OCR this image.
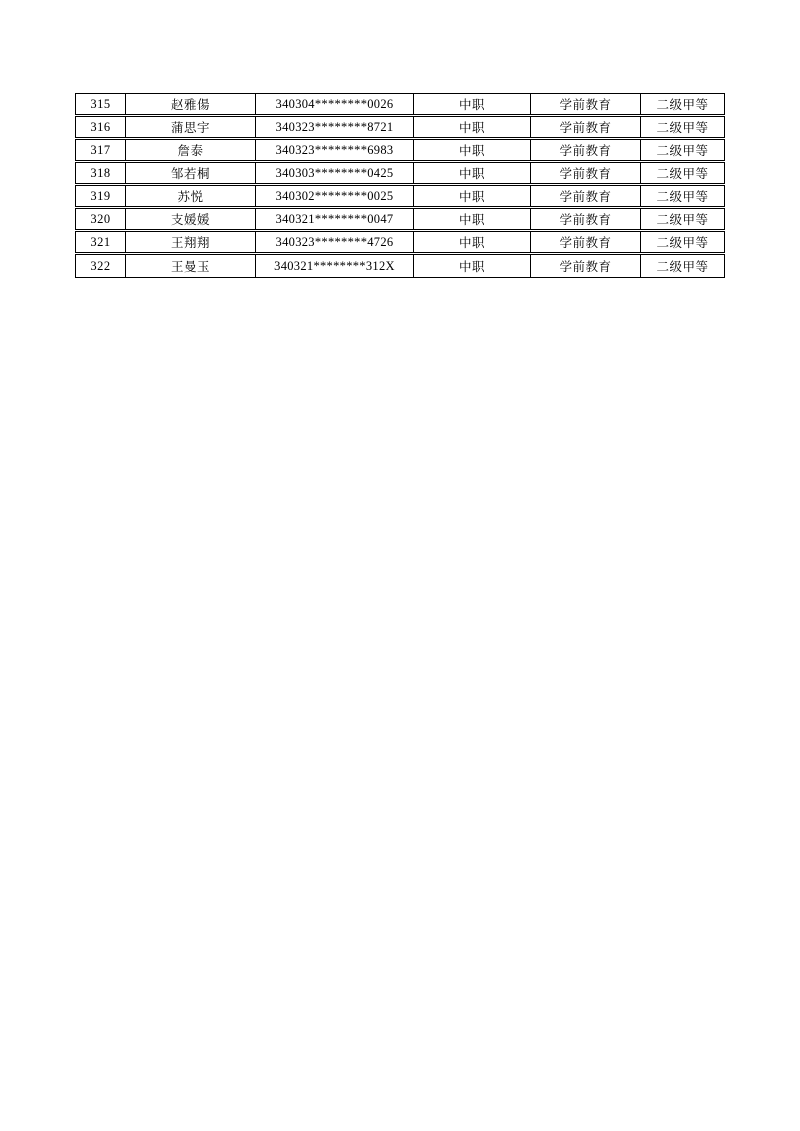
315	赵雅偒	340304********0026	中职	学前教育	二级甲等
316	蒲思宇	340323********8721	中职	学前教育	二级甲等
317	詹泰	340323********6983	中职	学前教育	二级甲等
318	邹若桐	340303********0425	中职	学前教育	二级甲等
319	苏悦	340302********0025	中职	学前教育	二级甲等
320	支媛媛	340321********0047	中职	学前教育	二级甲等
321	王翔翔	340323********4726	中职	学前教育	二级甲等
322	王曼玉	340321********312X	中职	学前教育	二级甲等
